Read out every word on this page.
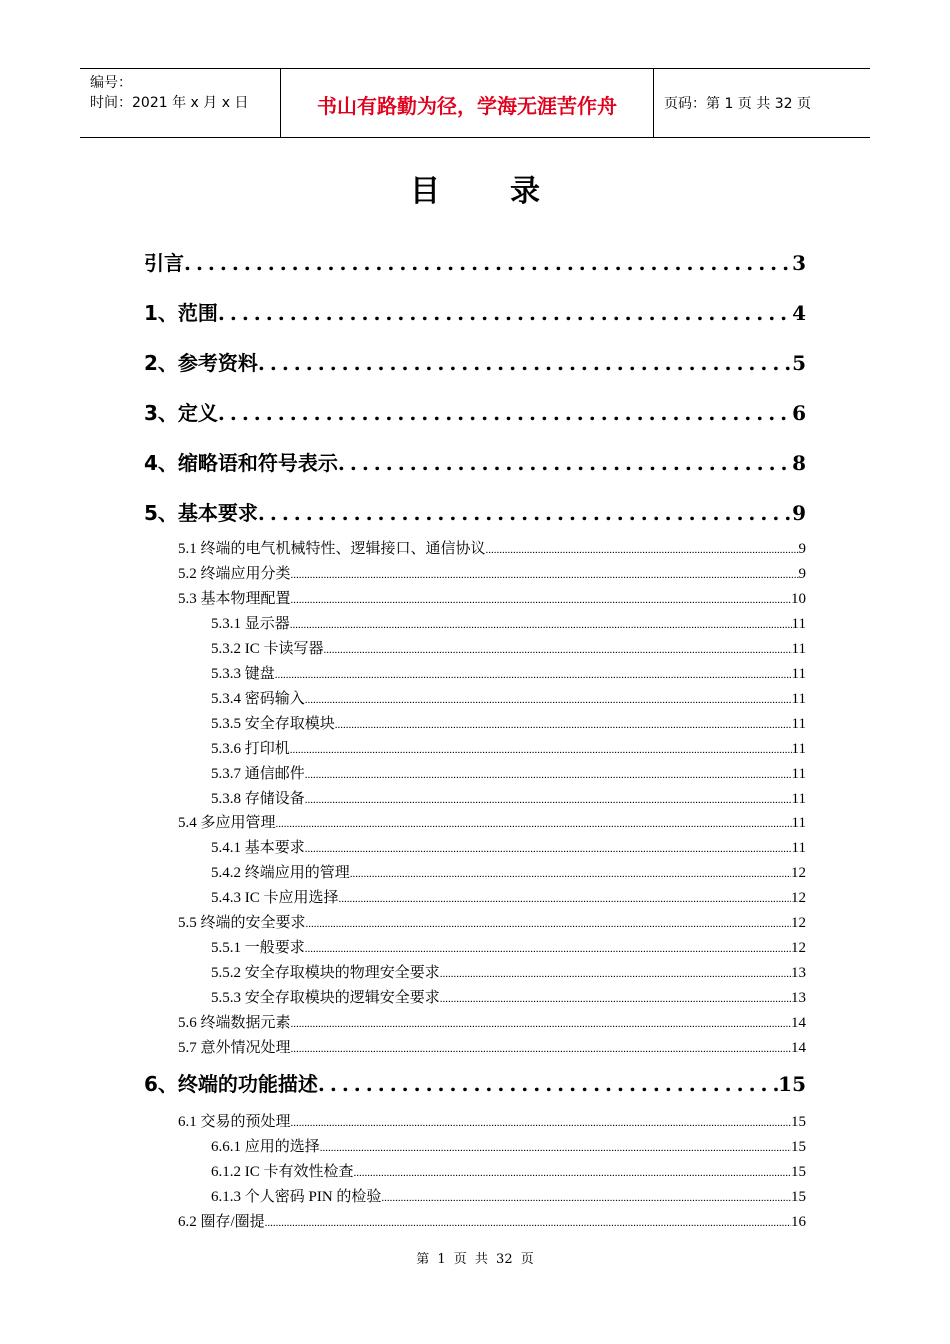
编号：
时间：2021 年 x 月 x 日	书山有路勤为径，学海无涯苦作舟	页码：第 1 页 共 32 页
目录
引言 .....	3
1、范围 .....	4
2、参考资料 .....	5
3、定义 .....	6
4、缩略语和符号表示 .....	8
5、基本要求 .....	9
5.1 终端的电气机械特性、逻辑接口、通信协议 .....	9
5.2 终端应用分类 .....	9
5.3 基本物理配置 .....	10
5.3.1 显示器 .....	11
5.3.2 IC 卡读写器 .....	11
5.3.3 键盘 .....	11
5.3.4 密码输入 .....	11
5.3.5 安全存取模块 .....	11
5.3.6 打印机 .....	11
5.3.7 通信邮件 .....	11
5.3.8 存储设备 .....	11
5.4 多应用管理 .....	11
5.4.1 基本要求 .....	11
5.4.2 终端应用的管理 .....	12
5.4.3 IC 卡应用选择 .....	12
5.5 终端的安全要求 .....	12
5.5.1 一般要求 .....	12
5.5.2 安全存取模块的物理安全要求 .....	13
5.5.3 安全存取模块的逻辑安全要求 .....	13
5.6 终端数据元素 .....	14
5.7 意外情况处理 .....	14
6、终端的功能描述 .....	15
6.1 交易的预处理 .....	15
6.6.1 应用的选择 .....	15
6.1.2 IC 卡有效性检查 .....	15
6.1.3 个人密码 PIN 的检验 .....	15
6.2 圈存/圈提 .....	16
第 1 页 共 32 页
